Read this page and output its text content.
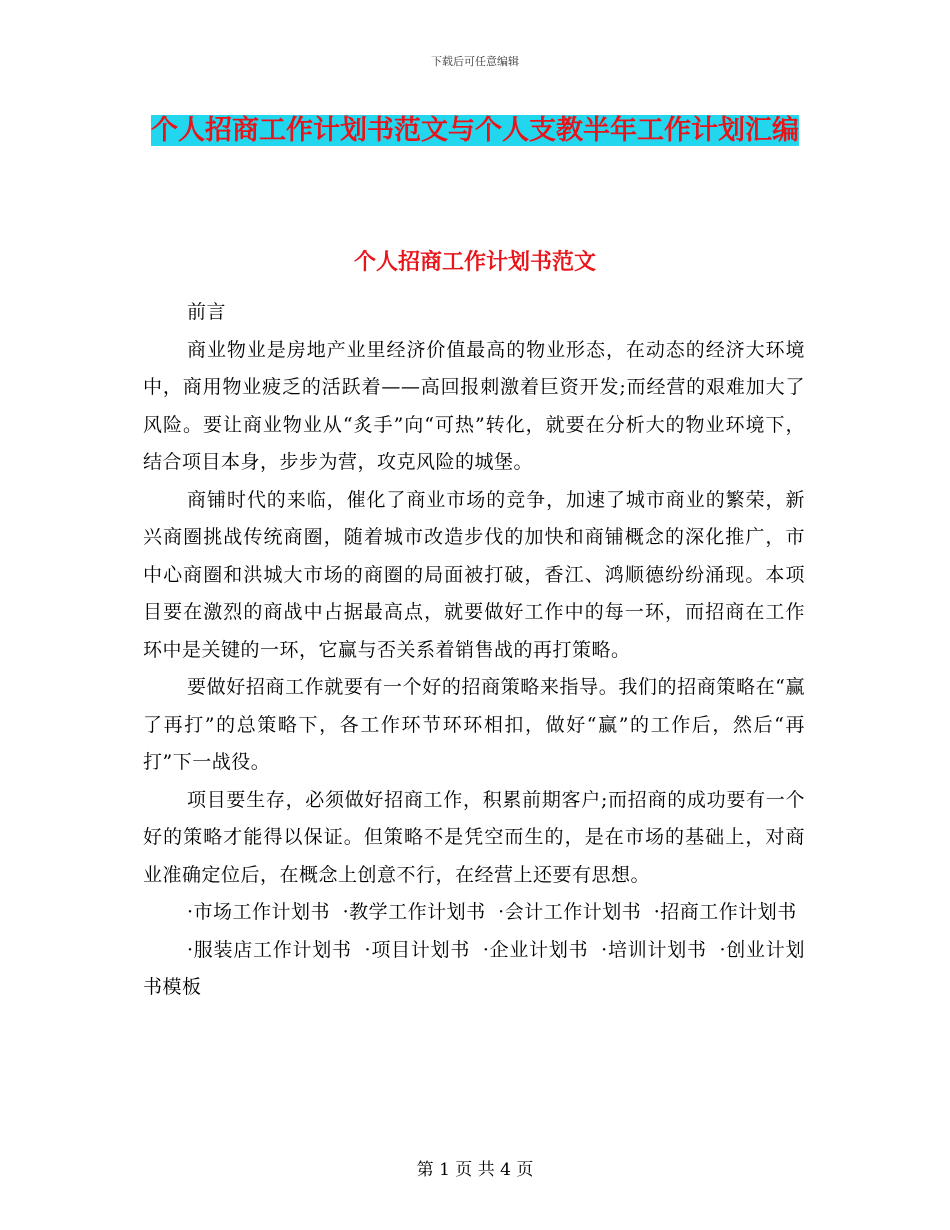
下载后可任意编辑
个人招商工作计划书范文与个人支教半年工作计划汇编
个人招商工作计划书范文

前言

商业物业是房地产业里经济价值最高的物业形态，在动态的经济大环境中，商用物业疲乏的活跃着——高回报刺激着巨资开发;而经营的艰难加大了风险。要让商业物业从“炙手”向“可热”转化，就要在分析大的物业环境下，结合项目本身，步步为营，攻克风险的城堡。

商铺时代的来临，催化了商业市场的竞争，加速了城市商业的繁荣，新兴商圈挑战传统商圈，随着城市改造步伐的加快和商铺概念的深化推广，市中心商圈和洪城大市场的商圈的局面被打破，香江、鸿顺德纷纷涌现。本项目要在激烈的商战中占据最高点，就要做好工作中的每一环，而招商在工作环中是关键的一环，它赢与否关系着销售战的再打策略。

要做好招商工作就要有一个好的招商策略来指导。我们的招商策略在“赢了再打”的总策略下，各工作环节环环相扣，做好“赢”的工作后，然后“再打”下一战役。

项目要生存，必须做好招商工作，积累前期客户;而招商的成功要有一个好的策略才能得以保证。但策略不是凭空而生的，是在市场的基础上，对商业准确定位后，在概念上创意不行，在经营上还要有思想。

·市场工作计划书 ·教学工作计划书 ·会计工作计划书 ·招商工作计划书

·服装店工作计划书 ·项目计划书 ·企业计划书 ·培训计划书 ·创业计划书模板

第 1 页 共 4 页
